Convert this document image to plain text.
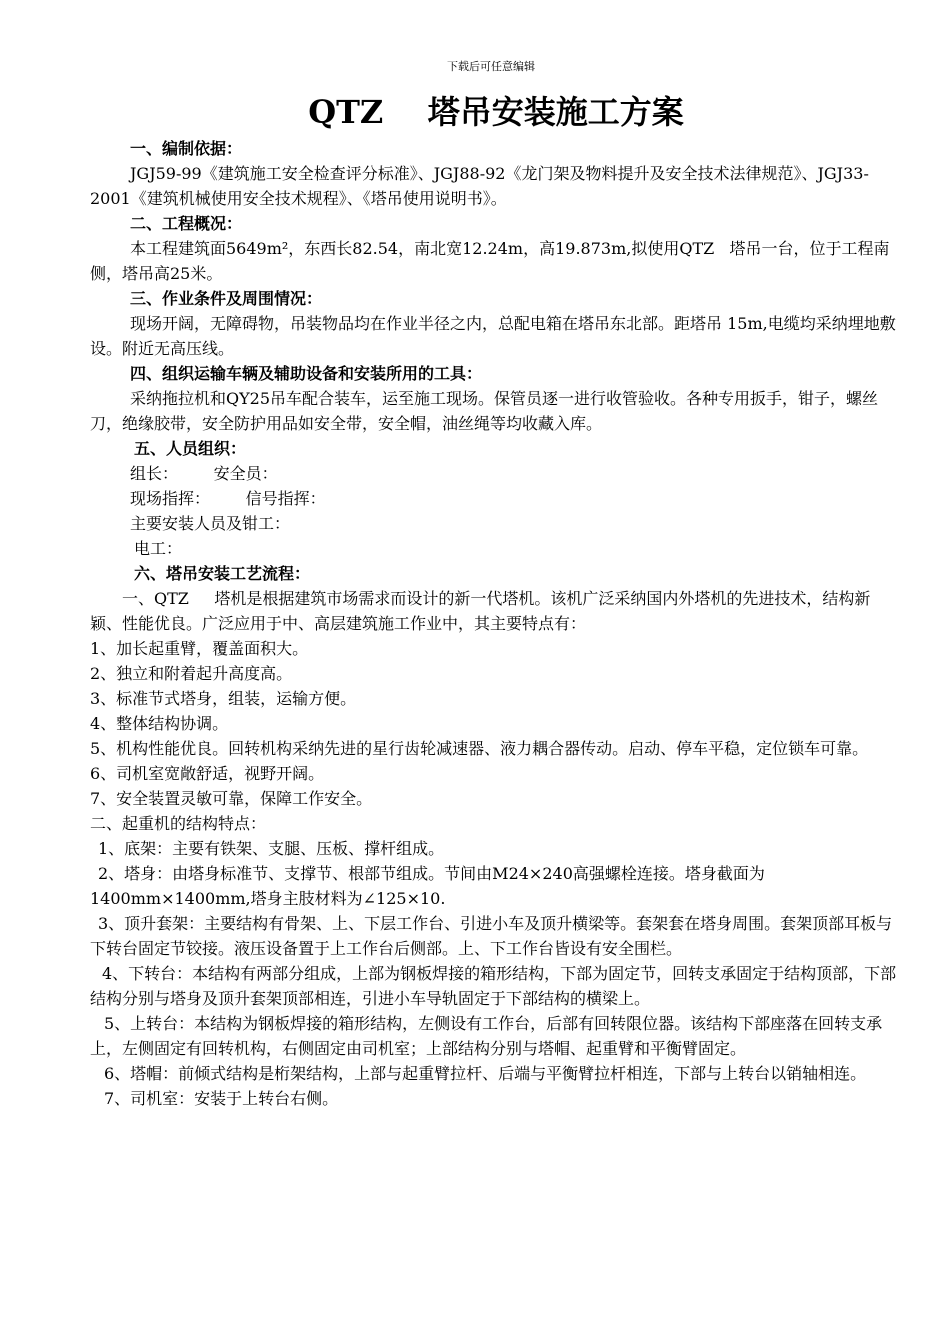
下载后可任意编辑
QTZ    塔吊安装施工方案
一、编制依据：
JGJ59-99《建筑施工安全检查评分标准》、JGJ88-92《龙门架及物料提升及安全技术法律规范》、JGJ33-2001《建筑机械使用安全技术规程》、《塔吊使用说明书》。
二、工程概况：
本工程建筑面5649m²，东西长82.54，南北宽12.24m，高19.873m,拟使用QTZ   塔吊一台，位于工程南侧，塔吊高25米。
三、作业条件及周围情况：
现场开阔，无障碍物，吊装物品均在作业半径之内，总配电箱在塔吊东北部。距塔吊 15m,电缆均采纳埋地敷设。附近无高压线。
四、组织运输车辆及辅助设备和安装所用的工具：
采纳拖拉机和QY25吊车配合装车，运至施工现场。保管员逐一进行收管验收。各种专用扳手，钳子，螺丝刀，绝缘胶带，安全防护用品如安全带，安全帽，油丝绳等均收藏入库。
五、人员组织：
组长：       安全员：
现场指挥：       信号指挥：
主要安装人员及钳工：
电工：
六、塔吊安装工艺流程：
一、QTZ     塔机是根据建筑市场需求而设计的新一代塔机。该机广泛采纳国内外塔机的先进技术，结构新颖、性能优良。广泛应用于中、高层建筑施工作业中，其主要特点有：
1、加长起重臂，覆盖面积大。
2、独立和附着起升高度高。
3、标准节式塔身，组装，运输方便。
4、整体结构协调。
5、机构性能优良。回转机构采纳先进的星行齿轮减速器、液力耦合器传动。启动、停车平稳，定位锁车可靠。
6、司机室宽敞舒适，视野开阔。
7、安全装置灵敏可靠，保障工作安全。
二、起重机的结构特点：
1、底架：主要有铁架、支腿、压板、撑杆组成。
2、塔身：由塔身标准节、支撑节、根部节组成。节间由M24×240高强螺栓连接。塔身截面为1400mm×1400mm,塔身主肢材料为∠125×10.
3、顶升套架：主要结构有骨架、上、下层工作台、引进小车及顶升横梁等。套架套在塔身周围。套架顶部耳板与下转台固定节铰接。液压设备置于上工作台后侧部。上、下工作台皆设有安全围栏。
4、下转台：本结构有两部分组成，上部为钢板焊接的箱形结构，下部为固定节，回转支承固定于结构顶部，下部结构分别与塔身及顶升套架顶部相连，引进小车导轨固定于下部结构的横梁上。
5、上转台：本结构为钢板焊接的箱形结构，左侧设有工作台，后部有回转限位器。该结构下部座落在回转支承上，左侧固定有回转机构，右侧固定由司机室；上部结构分别与塔帽、起重臂和平衡臂固定。
6、塔帽：前倾式结构是桁架结构，上部与起重臂拉杆、后端与平衡臂拉杆相连，下部与上转台以销轴相连。
7、司机室：安装于上转台右侧。
